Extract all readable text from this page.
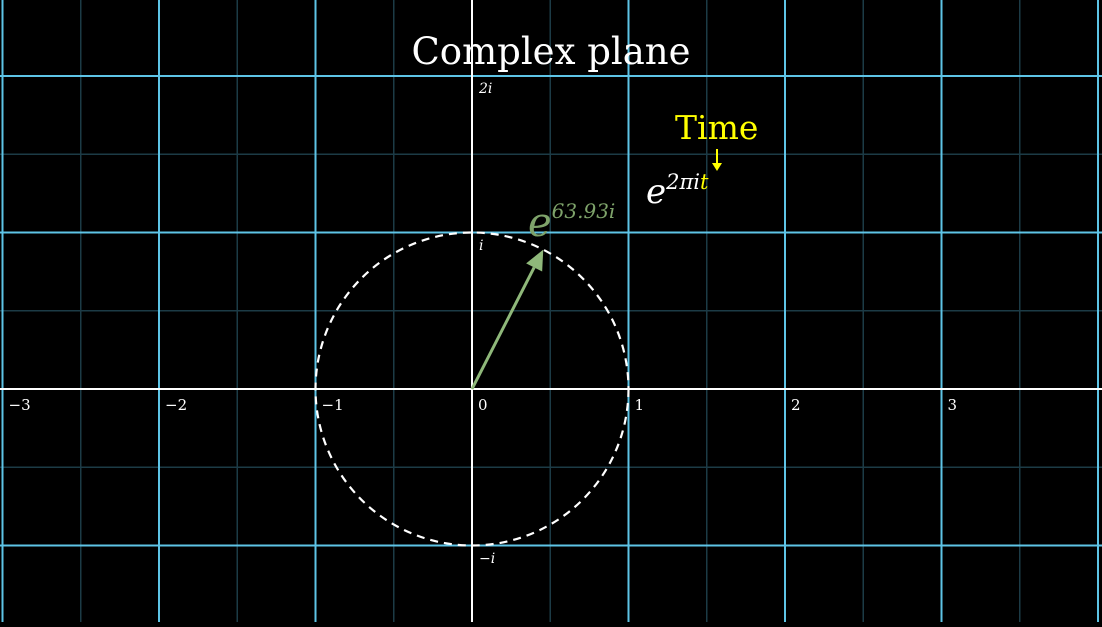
Complex plane
−3	−2	−1	0	1	2	3
2i
i
−i
Time
$e^{2\pi it}$
$e^{63.93i}$
